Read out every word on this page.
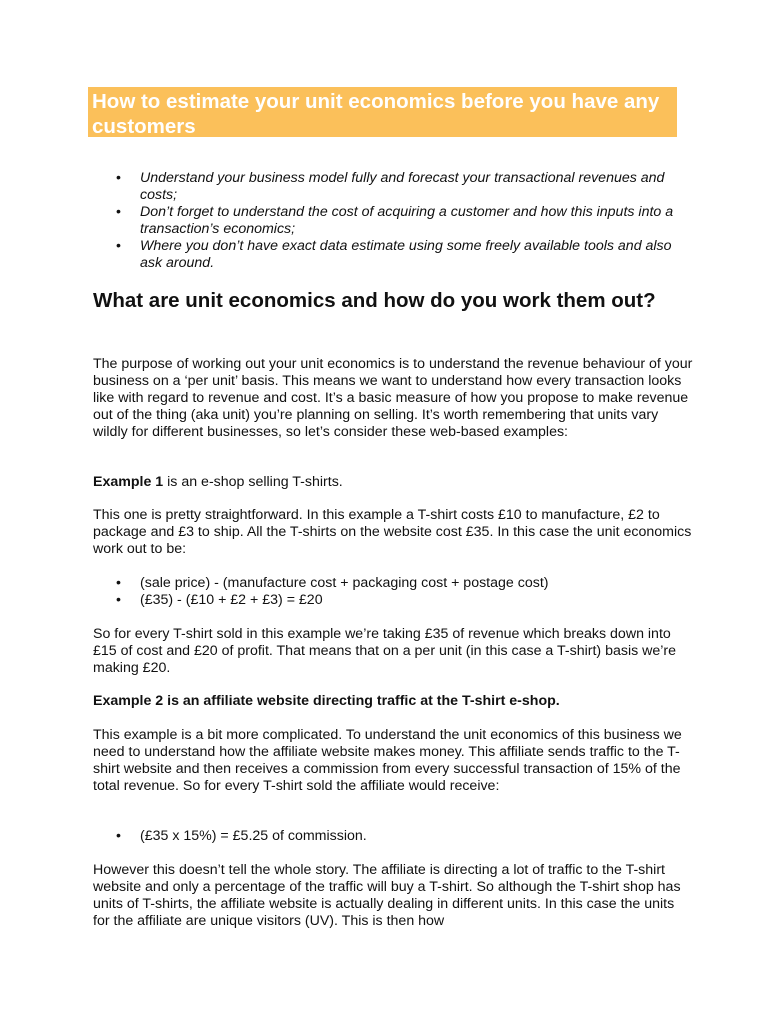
How to estimate your unit economics before you have any customers
• Understand your business model fully and forecast your transactional revenues and costs;
• Don’t forget to understand the cost of acquiring a customer and how this inputs into a transaction’s economics;
• Where you don’t have exact data estimate using some freely available tools and also ask around.
What are unit economics and how do you work them out?

The purpose of working out your unit economics is to understand the revenue behaviour of your business on a ‘per unit’ basis. This means we want to understand how every transaction looks like with regard to revenue and cost. It’s a basic measure of how you propose to make revenue out of the thing (aka unit) you’re planning on selling. It’s worth remembering that units vary wildly for different businesses, so let’s consider these web-based examples:

Example 1 is an e-shop selling T-shirts.

This one is pretty straightforward. In this example a T-shirt costs £10 to manufacture, £2 to package and £3 to ship. All the T-shirts on the website cost £35. In this case the unit economics work out to be:

• (sale price) - (manufacture cost + packaging cost + postage cost)
• (£35) - (£10 + £2 + £3) = £20

So for every T-shirt sold in this example we’re taking £35 of revenue which breaks down into £15 of cost and £20 of profit. That means that on a per unit (in this case a T-shirt) basis we’re making £20.

Example 2 is an affiliate website directing traffic at the T-shirt e-shop.

This example is a bit more complicated. To understand the unit economics of this business we need to understand how the affiliate website makes money. This affiliate sends traffic to the T-shirt website and then receives a commission from every successful transaction of 15% of the total revenue. So for every T-shirt sold the affiliate would receive:

• (£35 x 15%) = £5.25 of commission.

However this doesn’t tell the whole story. The affiliate is directing a lot of traffic to the T-shirt website and only a percentage of the traffic will buy a T-shirt. So although the T-shirt shop has units of T-shirts, the affiliate website is actually dealing in different units. In this case the units for the affiliate are unique visitors (UV). This is then how
